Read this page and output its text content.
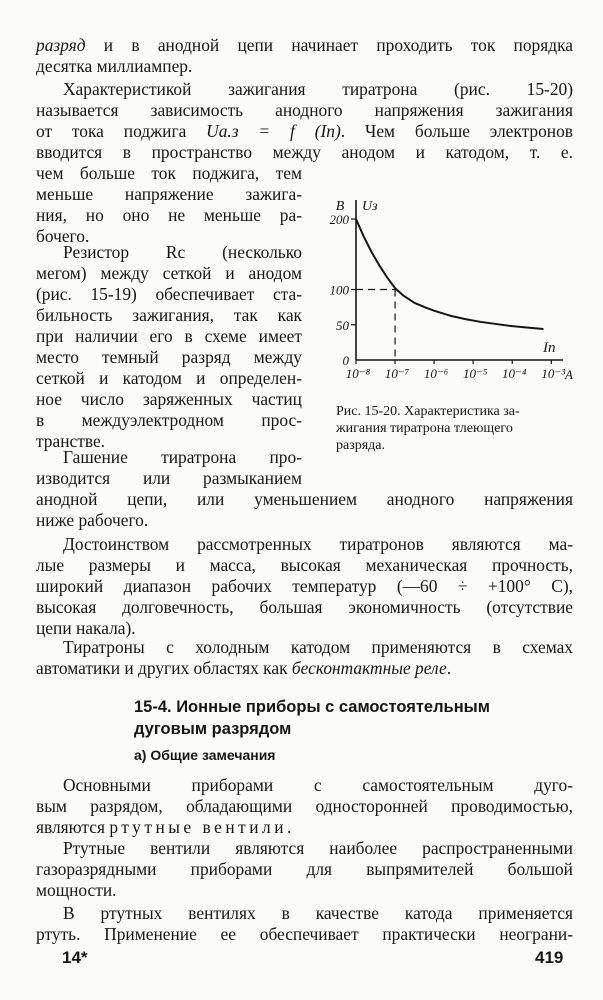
разряд и в анодной цепи начинает проходить ток порядка
десятка миллиампер.
Характеристикой зажигания тиратрона (рис. 15-20)
называется зависимость анодного напряжения зажигания
от тока поджига Uа.з = f (Iп). Чем больше электронов
вводится в пространство между анодом и катодом, т. е.
чем больше ток поджига, тем
меньше напряжение зажига-
ния, но оно не меньше ра-
бочего.
Резистор Rс (несколько
мегом) между сеткой и анодом
(рис. 15-19) обеспечивает ста-
бильность зажигания, так как
при наличии его в схеме имеет
место темный разряд между
сеткой и катодом и определен-
ное число заряженных частиц
в междуэлектродном прос-
транстве.
Гашение тиратрона про-
изводится или размыканием
анодной цепи, или уменьшением анодного напряжения
ниже рабочего.
Достоинством рассмотренных тиратронов являются ма-
лые размеры и масса, высокая механическая прочность,
широкий диапазон рабочих температур (—60 ÷ +100° С),
высокая долговечность, большая экономичность (отсутствие
цепи накала).
Тиратроны с холодным катодом применяются в схемах
автоматики и других областях как бесконтактные реле.
15-4. Ионные приборы с самостоятельным
дуговым разрядом
а) Общие замечания
Основными приборами с самостоятельным дуго-
вым разрядом, обладающими односторонней проводимостью,
являются ртутные вентили.
Ртутные вентили являются наиболее распространенными
газоразрядными приборами для выпрямителей большой
мощности.
В ртутных вентилях в качестве катода применяется
ртуть. Применение ее обеспечивает практически неограни-
0
50
100
200
10⁻⁸ 10⁻⁷ 10⁻⁶ 10⁻⁵ 10⁻⁴ 10⁻³
В Uз
Iп
A
Рис. 15-20. Характеристика за-
жигания тиратрона тлеющего
разряда.
14*	419
